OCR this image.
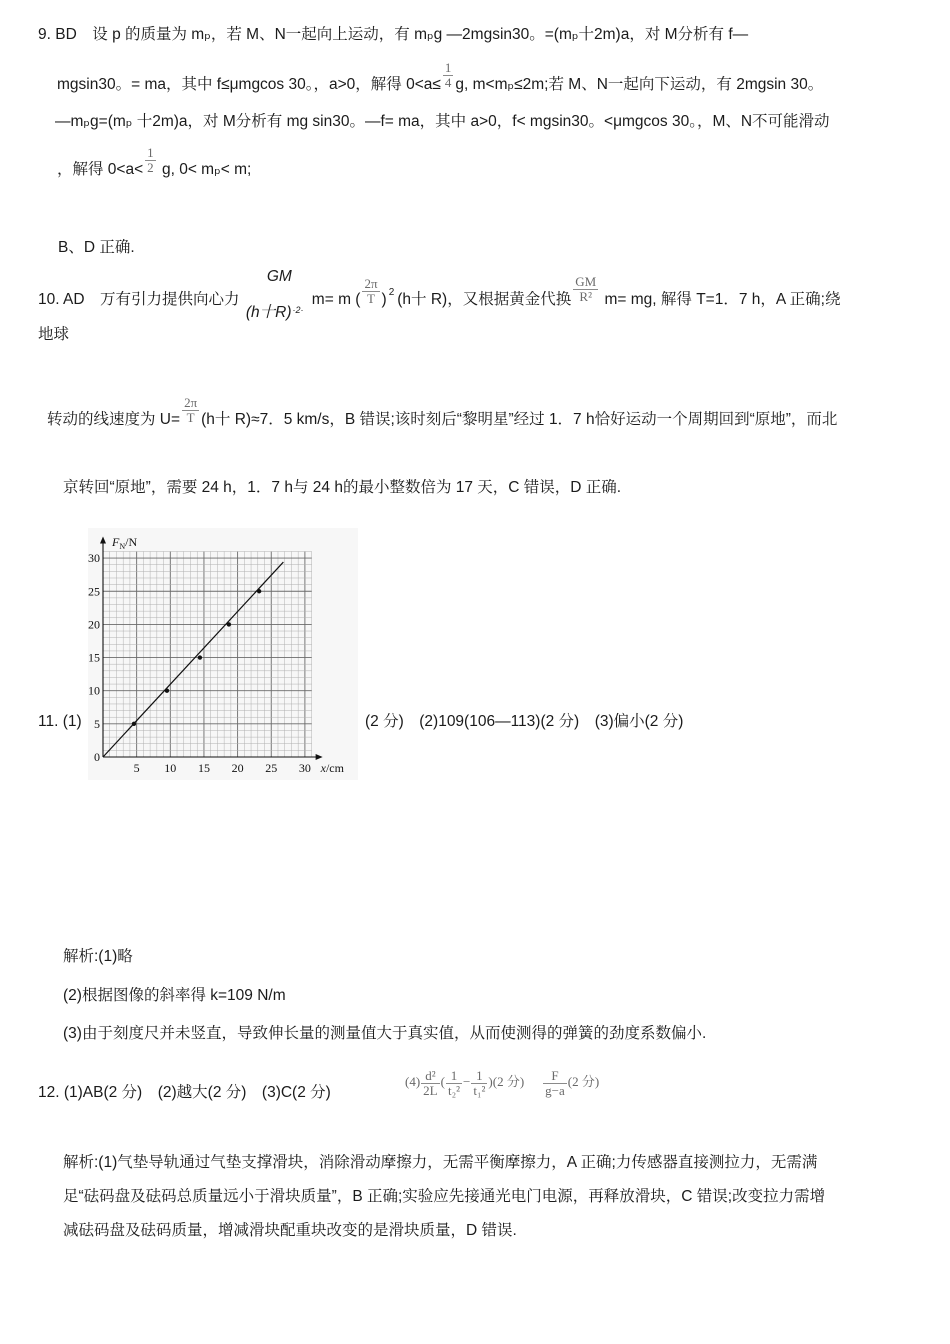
9. BD　设 p 的质量为 mₚ，若 M、N一起向上运动，有 mₚg —2mgsin30。=(mₚ十2m)a，对 M分析有 f—
mgsin30。= ma，其中 f≤μmgcos 30。，a>0，解得 $0<a\le \frac{1}{4} g$, m<mₚ≤2m;若 M、N一起向下运动，有 2mgsin 30。
—mₚg=(mₚ 十2m)a，对 M分析有 mg sin30。—f= ma，其中 a>0，f< mgsin30。<μmgcos 30。，M、N不可能滑动
，解得 $0<a< \frac{1}{2} g$, 0< mₚ< m;
B、D 正确.
10. AD　万有引力提供向心力
GM
(h十R)$^{\cdot 2\cdot}$ m= m ( $\frac{2\pi}{T}$ ) $^2$ (h十 R)，又根据黄金代换 $\frac{GM}{\text{R²}} m=$ mg, 解得 T=1．7 h，A 正确;绕
地球
转动的线速度为 $U= \frac{2\pi}{T} (h$十 R)≈7．5 km/s，B 错误;该时刻后“黎明星”经过 1．7 h恰好运动一个周期回到“原地”，而北
京转回“原地”，需要 24 h，1．7 h与 24 h的最小整数倍为 17 天，C 错误，D 正确.
11. (1)
0
5
10
15
20
25
30
5 10 15 20 25 30
$F_N/N$
x/cm
(2 分)　(2)109(106—113)(2 分)　(3)偏小(2 分)
解析:(1)略
(2)根据图像的斜率得 k=109 N/m
(3)由于刻度尺并未竖直，导致伸长量的测量值大于真实值，从而使测得的弹簧的劲度系数偏小.
12. (1)AB(2 分)　(2)越大(2 分)　(3)C(2 分)
$(4) \frac{\text{d²}}{2L}$ ( $\frac{1}{\text{t₂²}} - \frac{1}{\text{t₁²}} )(2$ 分) $\frac{F}{g-a} (2$ 分)
解析:(1)气垫导轨通过气垫支撑滑块，消除滑动摩擦力，无需平衡摩擦力，A 正确;力传感器直接测拉力，无需满
足“砝码盘及砝码总质量远小于滑块质量”，B 正确;实验应先接通光电门电源，再释放滑块，C 错误;改变拉力需增
减砝码盘及砝码质量，增减滑块配重块改变的是滑块质量，D 错误.
